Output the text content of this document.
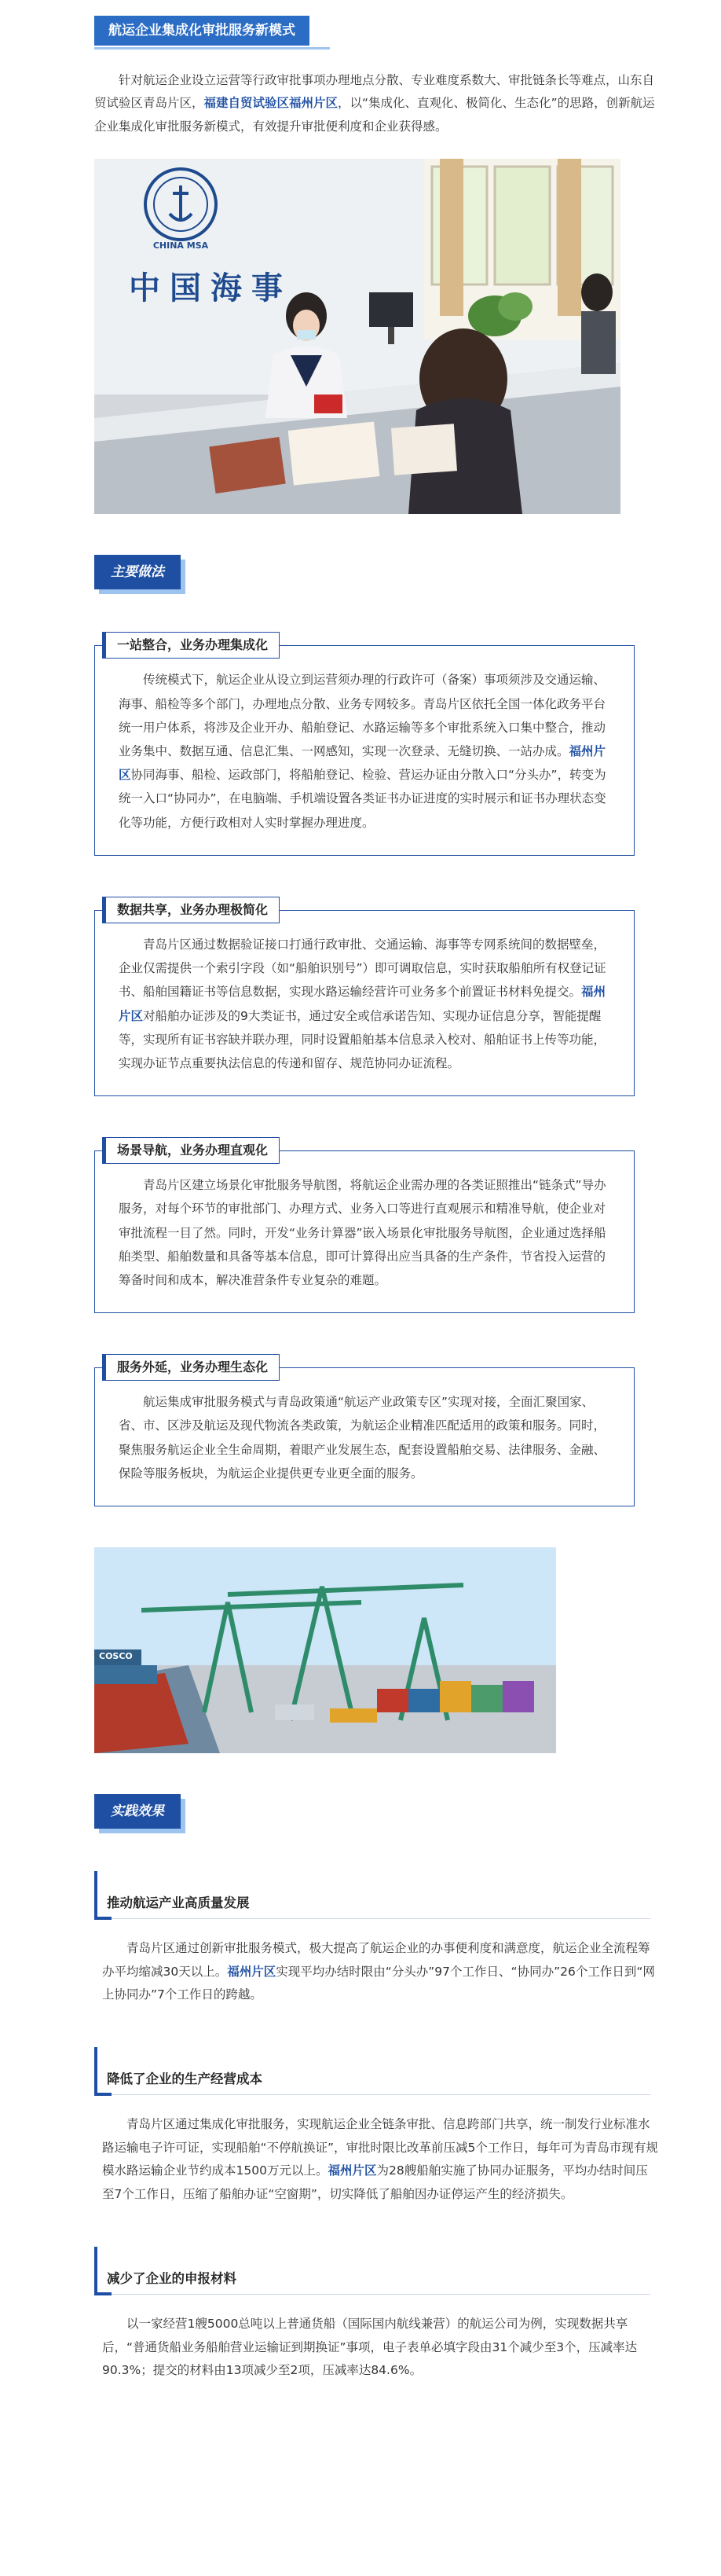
航运企业集成化审批服务新模式

针对航运企业设立运营等行政审批事项办理地点分散、专业难度系数大、审批链条长等难点，山东自贸试验区青岛片区，福建自贸试验区福州片区，以“集成化、直观化、极简化、生态化”的思路，创新航运企业集成化审批服务新模式，有效提升审批便利度和企业获得感。

CHINA MSA
中国海事
主要做法
一站整合，业务办理集成化
传统模式下，航运企业从设立到运营须办理的行政许可（备案）事项须涉及交通运输、海事、船检等多个部门，办理地点分散、业务专网较多。青岛片区依托全国一体化政务平台统一用户体系，将涉及企业开办、船舶登记、水路运输等多个审批系统入口集中整合，推动业务集中、数据互通、信息汇集、一网感知，实现一次登录、无缝切换、一站办成。福州片区协同海事、船检、运政部门，将船舶登记、检验、营运办证由分散入口“分头办”，转变为统一入口“协同办”，在电脑端、手机端设置各类证书办证进度的实时展示和证书办理状态变化等功能，方便行政相对人实时掌握办理进度。
数据共享，业务办理极简化
青岛片区通过数据验证接口打通行政审批、交通运输、海事等专网系统间的数据壁垒，企业仅需提供一个索引字段（如“船舶识别号”）即可调取信息，实时获取船舶所有权登记证书、船舶国籍证书等信息数据，实现水路运输经营许可业务多个前置证书材料免提交。福州片区对船舶办证涉及的9大类证书，通过安全或信承诺告知、实现办证信息分享，智能提醒等，实现所有证书容缺并联办理，同时设置船舶基本信息录入校对、船舶证书上传等功能，实现办证节点重要执法信息的传递和留存、规范协同办证流程。
场景导航，业务办理直观化
青岛片区建立场景化审批服务导航图，将航运企业需办理的各类证照推出“链条式”导办服务，对每个环节的审批部门、办理方式、业务入口等进行直观展示和精准导航，使企业对审批流程一目了然。同时，开发“业务计算器”嵌入场景化审批服务导航图，企业通过选择船舶类型、船舶数量和具备等基本信息，即可计算得出应当具备的生产条件，节省投入运营的筹备时间和成本，解决准营条件专业复杂的难题。
服务外延，业务办理生态化
航运集成审批服务模式与青岛政策通“航运产业政策专区”实现对接，全面汇聚国家、省、市、区涉及航运及现代物流各类政策，为航运企业精准匹配适用的政策和服务。同时，聚焦服务航运企业全生命周期，着眼产业发展生态，配套设置船舶交易、法律服务、金融、保险等服务板块，为航运企业提供更专业更全面的服务。
COSCO
实践效果
推动航运产业高质量发展

青岛片区通过创新审批服务模式，极大提高了航运企业的办事便利度和满意度，航运企业全流程筹办平均缩减30天以上。福州片区实现平均办结时限由“分头办”97个工作日、“协同办”26个工作日到“网上协同办”7个工作日的跨越。

降低了企业的生产经营成本

青岛片区通过集成化审批服务，实现航运企业全链条审批、信息跨部门共享，统一制发行业标准水路运输电子许可证，实现船舶“不停航换证”，审批时限比改革前压减5个工作日，每年可为青岛市现有规模水路运输企业节约成本1500万元以上。福州片区为28艘船舶实施了协同办证服务，平均办结时间压至7个工作日，压缩了船舶办证“空窗期”，切实降低了船舶因办证停运产生的经济损失。

减少了企业的申报材料

以一家经营1艘5000总吨以上普通货船（国际国内航线兼营）的航运公司为例，实现数据共享后，“普通货船业务船舶营业运输证到期换证”事项，电子表单必填字段由31个减少至3个，压减率达90.3%；提交的材料由13项减少至2项，压减率达84.6%。
